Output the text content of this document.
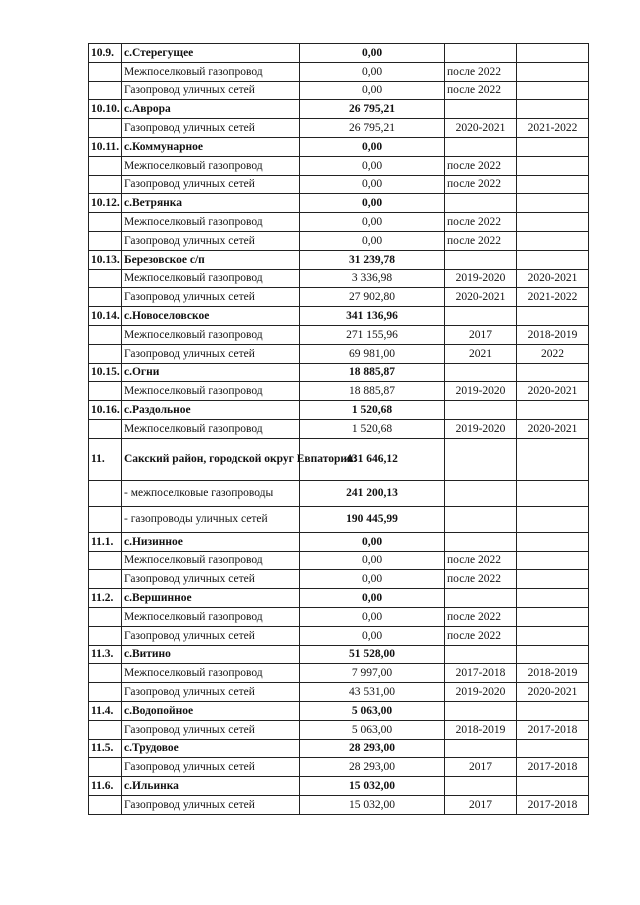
10.9.	с.Стерегущее	0,00		
	Межпоселковый газопровод	0,00	после 2022	
	Газопровод уличных сетей	0,00	после 2022	
10.10.	с.Аврора	26 795,21		
	Газопровод уличных сетей	26 795,21	2020-2021	2021-2022
10.11.	с.Коммунарное	0,00		
	Межпоселковый газопровод	0,00	после 2022	
	Газопровод уличных сетей	0,00	после 2022	
10.12.	с.Ветрянка	0,00		
	Межпоселковый газопровод	0,00	после 2022	
	Газопровод уличных сетей	0,00	после 2022	
10.13.	Березовское с/п	31 239,78		
	Межпоселковый газопровод	3 336,98	2019-2020	2020-2021
	Газопровод уличных сетей	27 902,80	2020-2021	2021-2022
10.14.	с.Новоселовское	341 136,96		
	Межпоселковый газопровод	271 155,96	2017	2018-2019
	Газопровод уличных сетей	69 981,00	2021	2022
10.15.	с.Огни	18 885,87		
	Межпоселковый газопровод	18 885,87	2019-2020	2020-2021
10.16.	с.Раздольное	1 520,68		
	Межпоселковый газопровод	1 520,68	2019-2020	2020-2021
11.	Сакский район, городской округ Евпатория:	431 646,12		
	- межпоселковые газопроводы	241 200,13		
	- газопроводы уличных сетей	190 445,99		
11.1.	с.Низинное	0,00		
	Межпоселковый газопровод	0,00	после 2022	
	Газопровод уличных сетей	0,00	после 2022	
11.2.	с.Вершинное	0,00		
	Межпоселковый газопровод	0,00	после 2022	
	Газопровод уличных сетей	0,00	после 2022	
11.3.	с.Витино	51 528,00		
	Межпоселковый газопровод	7 997,00	2017-2018	2018-2019
	Газопровод уличных сетей	43 531,00	2019-2020	2020-2021
11.4.	с.Водопойное	5 063,00		
	Газопровод уличных сетей	5 063,00	2018-2019	2017-2018
11.5.	с.Трудовое	28 293,00		
	Газопровод уличных сетей	28 293,00	2017	2017-2018
11.6.	с.Ильинка	15 032,00		
	Газопровод уличных сетей	15 032,00	2017	2017-2018
